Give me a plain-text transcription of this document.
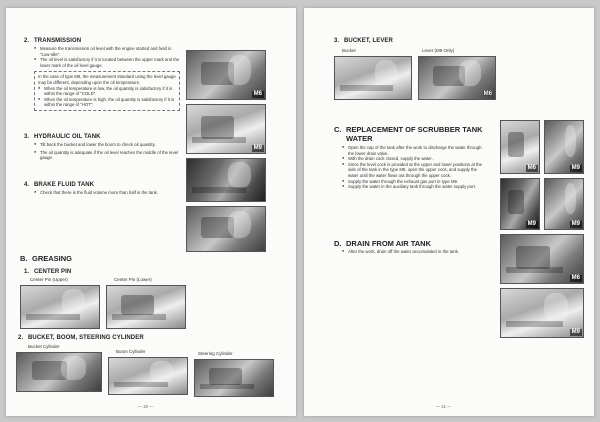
2. TRANSMISSION
● Measure the transmission oil level with the engine started and held in "Low-Idle".
● The oil level is satisfactory if it is located between the upper mark and the lower mark of the oil level gauge.
In the case of type M9, the measurement standard using the level gauge may be different, depending upon the oil temperature.
● When the oil temperature is low, the oil quantity is satisfactory if it is within the range of "COLD".
● When the oil temperature is high, the oil quantity is satisfactory if it is within the range of "HOT".
3. HYDRAULIC OIL TANK
● Tilt back the bucket and lower the boom to check oil quantity.
● The oil quantity is adequate if the oil level reaches the middle of the level gauge.
4. BRAKE FLUID TANK
● Check that there is the fluid volume more than half in the tank.
M6
M9
B. GREASING
1. CENTER PIN
Center Pin (Upper)	Center Pin (Lower)
2. BUCKET, BOOM, STEERING CYLINDER
Bucket Cylinder
Boom Cylinder	Steering Cylinder
— 20 —
3. BUCKET, LEVER
Bucket	Lever (M9 Only)
M6
C. REPLACEMENT OF SCRUBBER TANK
WATER
● Open the cap of the tank after the work to discharge the water through the lower drain valve.
● With the drain cock closed, supply the water.
● Since the level cock is provided at the upper and lower positions at the side of the tank in the type M9, open the upper cock, and supply the water until the water flows out through the upper cock.
● Supply the water through the exhaust gas port in type M9.
● Supply the water in the auxiliary tank through the water supply port.
D. DRAIN FROM AIR TANK
● After the work, drain off the water accumulated in the tank.
M6	M9
M9	M9
M6
M9
— 21 —
